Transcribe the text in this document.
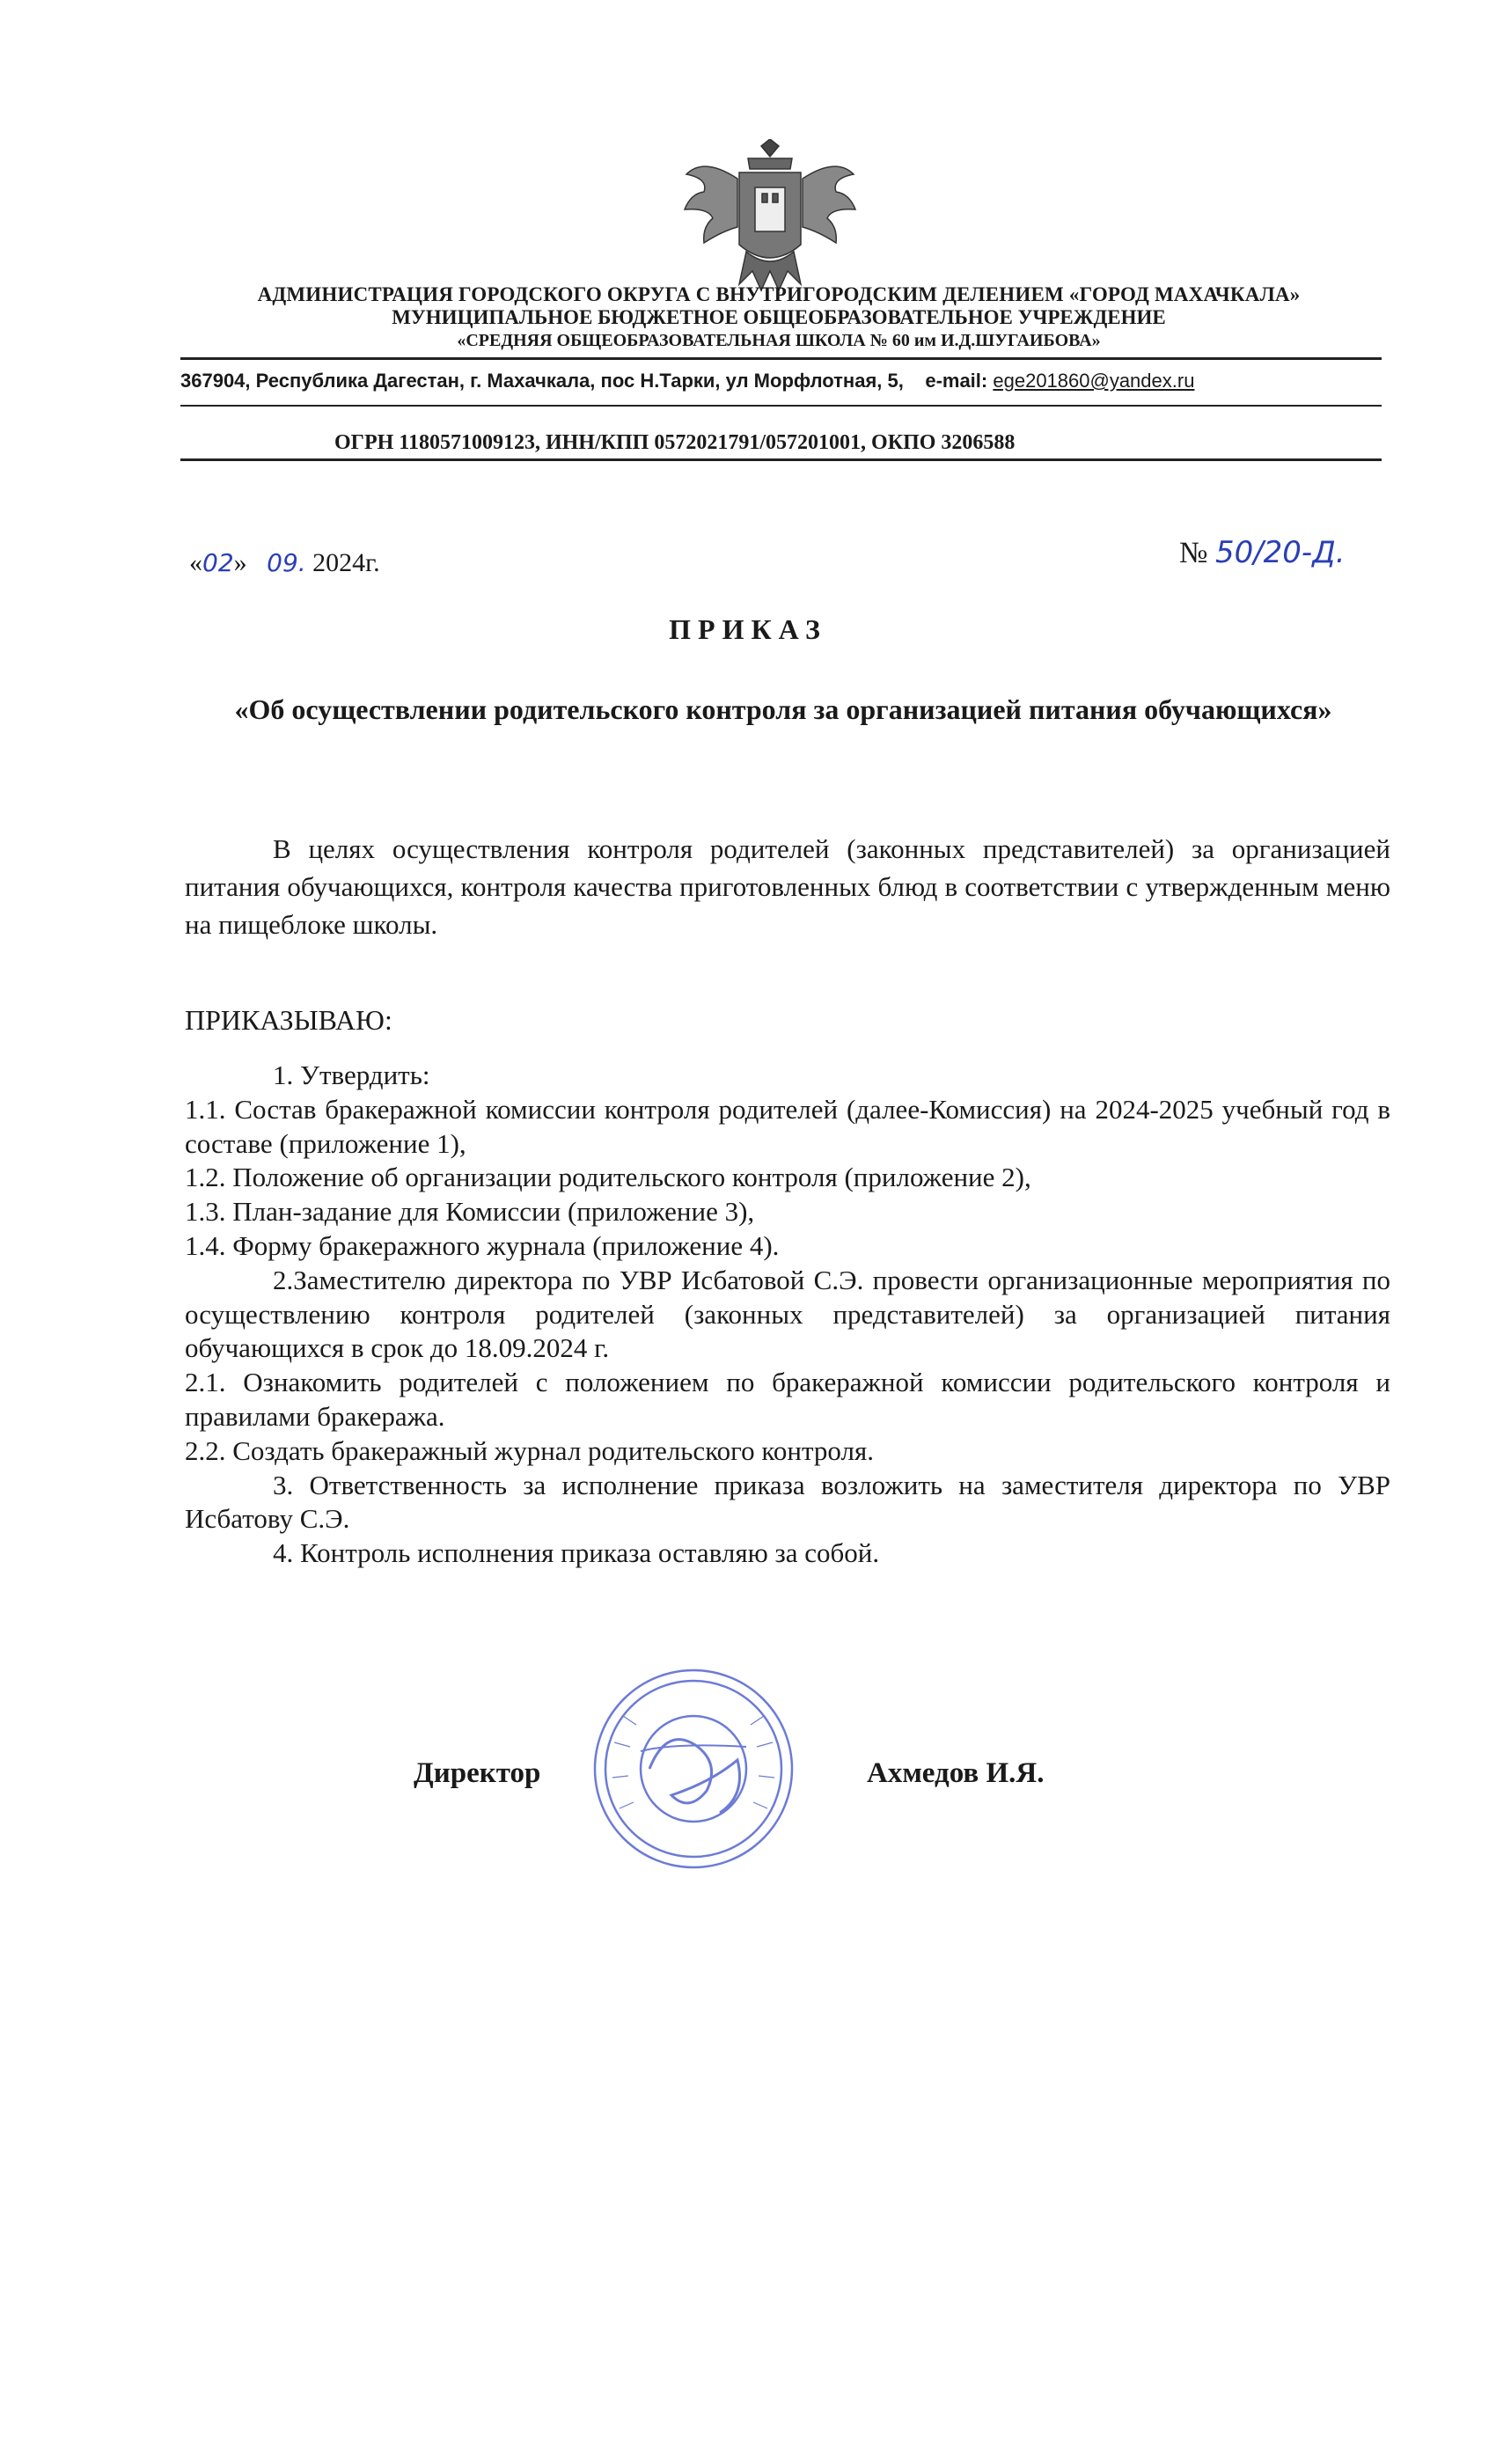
АДМИНИСТРАЦИЯ ГОРОДСКОГО ОКРУГА С ВНУТРИГОРОДСКИМ ДЕЛЕНИЕМ «ГОРОД МАХАЧКАЛА»
МУНИЦИПАЛЬНОЕ БЮДЖЕТНОЕ ОБЩЕОБРАЗОВАТЕЛЬНОЕ УЧРЕЖДЕНИЕ
«СРЕДНЯЯ ОБЩЕОБРАЗОВАТЕЛЬНАЯ ШКОЛА № 60 им И.Д.ШУГАИБОВА»
367904, Республика Дагестан, г. Махачкала, пос Н.Тарки, ул Морфлотная, 5, e-mail: ege201860@yandex.ru
ОГРН 1180571009123, ИНН/КПП 0572021791/057201001, ОКПО 3206588
«02» 09. 2024г.	№ 50/20-Д.
ПРИКАЗ
«Об осуществлении родительского контроля за организацией питания обучающихся»
В целях осуществления контроля родителей (законных представителей) за организацией питания обучающихся, контроля качества приготовленных блюд в соответствии с утвержденным меню на пищеблоке школы.
ПРИКАЗЫВАЮ:

1. Утвердить:

1.1. Состав бракеражной комиссии контроля родителей (далее-Комиссия) на 2024-2025 учебный год в составе (приложение 1),

1.2. Положение об организации родительского контроля (приложение 2),

1.3. План-задание для Комиссии (приложение 3),

1.4. Форму бракеражного журнала (приложение 4).

2.Заместителю директора по УВР Исбатовой С.Э. провести организационные мероприятия по осуществлению контроля родителей (законных представителей) за организацией питания обучающихся в срок до 18.09.2024 г.

2.1. Ознакомить родителей с положением по бракеражной комиссии родительского контроля и правилами бракеража.

2.2. Создать бракеражный журнал родительского контроля.

3. Ответственность за исполнение приказа возложить на заместителя директора по УВР Исбатову С.Э.

4. Контроль исполнения приказа оставляю за собой.

Директор	Ахмедов И.Я.
